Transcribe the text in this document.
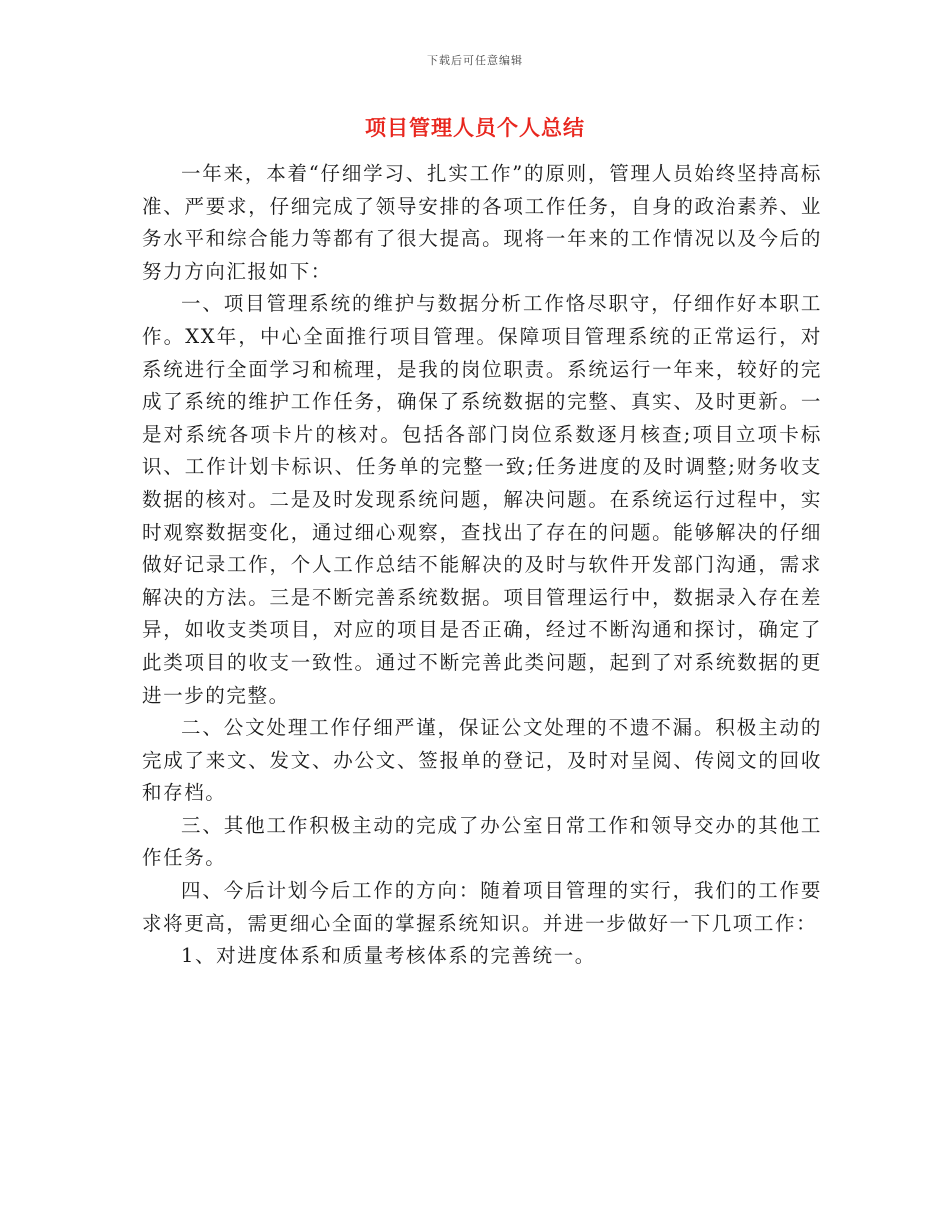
下载后可任意编辑
项目管理人员个人总结

一年来，本着“仔细学习、扎实工作”的原则，管理人员始终坚持高标准、严要求，仔细完成了领导安排的各项工作任务，自身的政治素养、业务水平和综合能力等都有了很大提高。现将一年来的工作情况以及今后的努力方向汇报如下：

一、项目管理系统的维护与数据分析工作恪尽职守，仔细作好本职工作。XX年，中心全面推行项目管理。保障项目管理系统的正常运行，对系统进行全面学习和梳理，是我的岗位职责。系统运行一年来，较好的完成了系统的维护工作任务，确保了系统数据的完整、真实、及时更新。一是对系统各项卡片的核对。包括各部门岗位系数逐月核查;项目立项卡标识、工作计划卡标识、任务单的完整一致;任务进度的及时调整;财务收支数据的核对。二是及时发现系统问题，解决问题。在系统运行过程中，实时观察数据变化，通过细心观察，查找出了存在的问题。能够解决的仔细做好记录工作，个人工作总结不能解决的及时与软件开发部门沟通，需求解决的方法。三是不断完善系统数据。项目管理运行中，数据录入存在差异，如收支类项目，对应的项目是否正确，经过不断沟通和探讨，确定了此类项目的收支一致性。通过不断完善此类问题，起到了对系统数据的更进一步的完整。

二、公文处理工作仔细严谨，保证公文处理的不遗不漏。积极主动的完成了来文、发文、办公文、签报单的登记，及时对呈阅、传阅文的回收和存档。

三、其他工作积极主动的完成了办公室日常工作和领导交办的其他工作任务。

四、今后计划今后工作的方向：随着项目管理的实行，我们的工作要求将更高，需更细心全面的掌握系统知识。并进一步做好一下几项工作：

1、对进度体系和质量考核体系的完善统一。
